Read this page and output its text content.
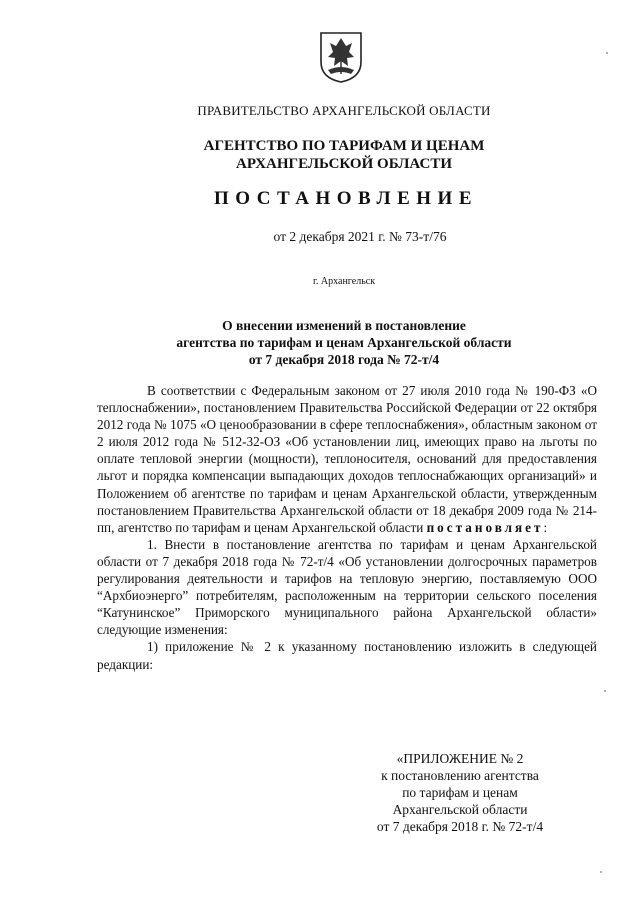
ПРАВИТЕЛЬСТВО АРХАНГЕЛЬСКОЙ ОБЛАСТИ
АГЕНТСТВО ПО ТАРИФАМ И ЦЕНАМ
АРХАНГЕЛЬСКОЙ ОБЛАСТИ
ПОСТАНОВЛЕНИЕ
от 2 декабря 2021 г. № 73-т/76
г. Архангельск
О внесении изменений в постановление
агентства по тарифам и ценам Архангельской области
от 7 декабря 2018 года № 72-т/4

В соответствии с Федеральным законом от 27 июля 2010 года № 190-ФЗ «О теплоснабжении», постановлением Правительства Российской Федерации от 22 октября 2012 года № 1075 «О ценообразовании в сфере теплоснабжения», областным законом от 2 июля 2012 года № 512-32-ОЗ «Об установлении лиц, имеющих право на льготы по оплате тепловой энергии (мощности), теплоносителя, оснований для предоставления льгот и порядка компенсации выпадающих доходов теплоснабжающих организаций» и Положением об агентстве по тарифам и ценам Архангельской области, утвержденным постановлением Правительства Архангельской области от 18 декабря 2009 года № 214-пп, агентство по тарифам и ценам Архангельской области постановляет:

1. Внести в постановление агентства по тарифам и ценам Архангельской области от 7 декабря 2018 года № 72-т/4 «Об установлении долгосрочных параметров регулирования деятельности и тарифов на тепловую энергию, поставляемую ООО “Архбиоэнерго” потребителям, расположенным на территории сельского поселения “Катунинское” Приморского муниципального района Архангельской области» следующие изменения:

1) приложение № 2 к указанному постановлению изложить в следующей редакции:

«ПРИЛОЖЕНИЕ № 2
к постановлению агентства
по тарифам и ценам
Архангельской области
от 7 декабря 2018 г. № 72-т/4
